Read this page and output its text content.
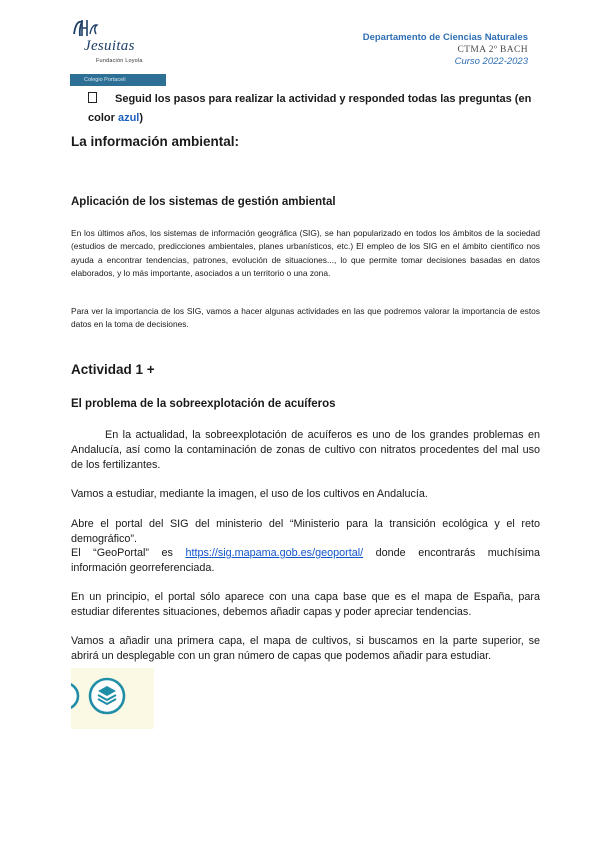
Jesuitas
Fundación Loyola
Colegio Portaceli
Departamento de Ciencias Naturales
CTMA 2º BACH
Curso 2022-2023
Seguid los pasos para realizar la actividad y responded todas las preguntas (en color azul)
La información ambiental:
Aplicación de los sistemas de gestión ambiental

En los últimos años, los sistemas de información geográfica (SIG), se han popularizado en todos los ámbitos de la sociedad (estudios de mercado, predicciones ambientales, planes urbanísticos, etc.) El empleo de los SIG en el ámbito científico nos ayuda a encontrar tendencias, patrones, evolución de situaciones..., lo que permite tomar decisiones basadas en datos elaborados, y lo más importante, asociados a un territorio o una zona.

Para ver la importancia de los SIG, vamos a hacer algunas actividades en las que podremos valorar la importancia de estos datos en la toma de decisiones.

Actividad 1 +
El problema de la sobreexplotación de acuíferos

En la actualidad, la sobreexplotación de acuíferos es uno de los grandes problemas en Andalucía, así como la contaminación de zonas de cultivo con nitratos procedentes del mal uso de los fertilizantes.

Vamos a estudiar, mediante la imagen, el uso de los cultivos en Andalucía.

Abre el portal del SIG del ministerio del “Ministerio para la transición ecológica y el reto demográfico”.

El “GeoPortal” es https://sig.mapama.gob.es/geoportal/ donde encontrarás muchísima información georreferenciada.

En un principio, el portal sólo aparece con una capa base que es el mapa de España, para estudiar diferentes situaciones, debemos añadir capas y poder apreciar tendencias.

Vamos a añadir una primera capa, el mapa de cultivos, si buscamos en la parte superior, se abrirá un desplegable con un gran número de capas que podemos añadir para estudiar.
